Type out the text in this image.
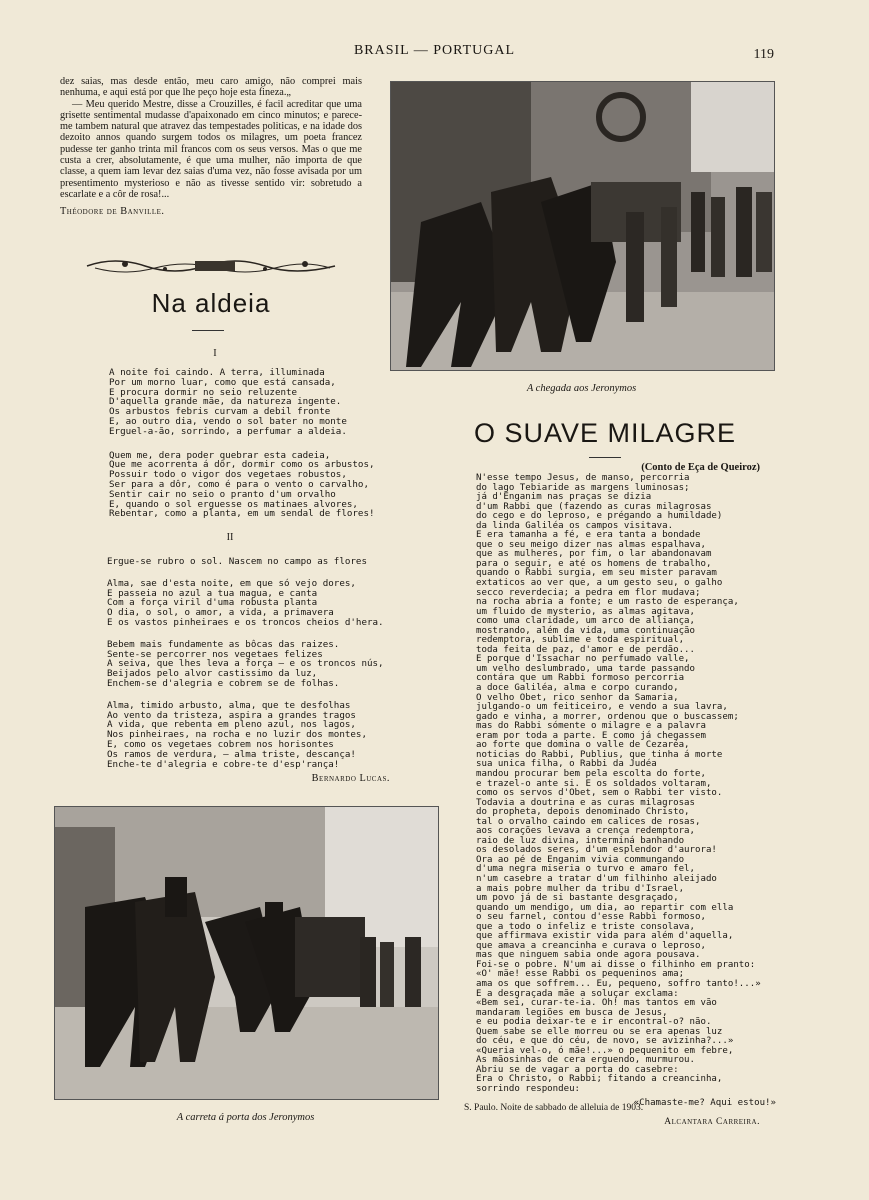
BRASIL — PORTUGAL	119

dez saias, mas desde então, meu caro amigo, não comprei mais nenhuma, e aqui está por que lhe peço hoje esta fineza.„

— Meu querido Mestre, disse a Crouzilles, é facil acreditar que uma grisette sentimental mudasse d'apaixonado em cinco minutos; e parece-me tambem natural que atravez das tempestades politicas, e na idade dos dezoito annos quando surgem todos os milagres, um poeta francez pudesse ter ganho trinta mil francos com os seus versos. Mas o que me custa a crer, absolutamente, é que uma mulher, não importa de que classe, a quem iam levar dez saias d'uma vez, não fosse avisada por um presentimento mysterioso e não as tivesse sentido vir: sobretudo a escarlate e a côr de rosa!...

Théodore de Banville.

Na aldeia
I
A noite foi caindo. A terra, illuminada
Por um morno luar, como que está cansada,
E procura dormir no seio reluzente
D'aquella grande mãe, da natureza ingente.
Os arbustos febris curvam a debil fronte
E, ao outro dia, vendo o sol bater no monte
Erguel-a-ão, sorrindo, a perfumar a aldeia.
Quem me, dera poder quebrar esta cadeia,
Que me acorrenta á dôr, dormir como os arbustos,
Possuir todo o vigor dos vegetaes robustos,
Ser para a dôr, como é para o vento o carvalho,
Sentir cair no seio o pranto d'um orvalho
E, quando o sol erguesse os matinaes alvores,
Rebentar, como a planta, em um sendal de flores!
II
Ergue-se rubro o sol. Nascem no campo as flores
Alma, sae d'esta noite, em que só vejo dores,
E passeia no azul a tua magua, e canta
Com a força viril d'uma robusta planta
O dia, o sol, o amor, a vida, a primavera
E os vastos pinheiraes e os troncos cheios d'hera.
Bebem mais fundamente as bôcas das raizes.
Sente-se percorrer nos vegetaes felizes
A seiva, que lhes leva a força — e os troncos nús,
Beijados pelo alvor castissimo da luz,
Enchem-se d'alegria e cobrem se de folhas.
Alma, timido arbusto, alma, que te desfolhas
Ao vento da tristeza, aspira a grandes tragos
A vida, que rebenta em pleno azul, nos lagos,
Nos pinheiraes, na rocha e no luzir dos montes,
E, como os vegetaes cobrem nos horisontes
Os ramos de verdura, — alma triste, descança!
Enche-te d'alegria e cobre-te d'esp'rança!
Bernardo Lucas.
A chegada aos Jeronymos
O SUAVE MILAGRE
(Conto de Eça de Queiroz)
N'esse tempo Jesus, de manso, percorria
do lago Tebiaride as margens luminosas;
já d'Enganim nas praças se dizia
d'um Rabbi que (fazendo as curas milagrosas
do cego e do leproso, e prégando a humildade)
da linda Galiléa os campos visitava.
E era tamanha a fé, e era tanta a bondade
que o seu meigo dizer nas almas espalhava,
que as mulheres, por fim, o lar abandonavam
para o seguir, e até os homens de trabalho,
quando o Rabbi surgia, em seu mister paravam
extaticos ao ver que, a um gesto seu, o galho
secco reverdecia; a pedra em flor mudava;
na rocha abria a fonte; e um rasto de esperança,
um fluido de mysterio, as almas agitava,
como uma claridade, um arco de alliança,
mostrando, além da vida, uma continuação
redemptora, sublime e toda espiritual,
toda feita de paz, d'amor e de perdão...
E porque d'Issachar no perfumado valle,
um velho deslumbrado, uma tarde passando
contára que um Rabbi formoso percorria
a doce Galiléa, alma e corpo curando,
O velho Obet, rico senhor da Samaria,
julgando-o um feiticeiro, e vendo a sua lavra,
gado e vinha, a morrer, ordenou que o buscassem;
mas do Rabbi sómente o milagre e a palavra
eram por toda a parte. E como já chegassem
ao forte que domina o valle de Cezaréa,
noticias do Rabbi, Publius, que tinha á morte
sua unica filha, o Rabbi da Judéa
mandou procurar bem pela escolta do forte,
e trazel-o ante si. E os soldados voltaram,
como os servos d'Obet, sem o Rabbi ter visto.
Todavia a doutrina e as curas milagrosas
do propheta, depois denominado Christo,
tal o orvalho caindo em calices de rosas,
aos corações levava a crença redemptora,
raio de luz divina, interminá banhando
os desolados seres, d'um esplendor d'aurora!
Ora ao pé de Enganim vivia commungando
d'uma negra miseria o turvo e amaro fel,
n'um casebre a tratar d'um filhinho aleijado
a mais pobre mulher da tribu d'Israel,
um povo já de si bastante desgraçado,
quando um mendigo, um dia, ao repartir com ella
o seu farnel, contou d'esse Rabbi formoso,
que a todo o infeliz e triste consolava,
que affirmava existir vida para além d'aquella,
que amava a creancinha e curava o leproso,
mas que ninguem sabia onde agora pousava.
Foi-se o pobre. N'um ai disse o filhinho em pranto:
«O' mãe! esse Rabbi os pequeninos ama;
ama os que soffrem... Eu, pequeno, soffro tanto!...»
E a desgraçada mãe a soluçar exclama:
«Bem sei, curar-te-ia. Oh! mas tantos em vão
mandaram legiões em busca de Jesus,
e eu podia deixar-te e ir encontral-o? não.
Quem sabe se elle morreu ou se era apenas luz
do céu, e que do céu, de novo, se avizinha?...»
«Queria vel-o, ó mãe!...» o pequenito em febre,
As mãosinhas de cera erguendo, murmurou.
Abriu se de vagar a porta do casebre:
Era o Christo, o Rabbi; fitando a creancinha,
sorrindo respondeu:
«Chamaste-me? Aqui estou!»
S. Paulo. Noite de sabbado de alleluia de 1903.
Alcantara Carreira.
A carreta á porta dos Jeronymos
